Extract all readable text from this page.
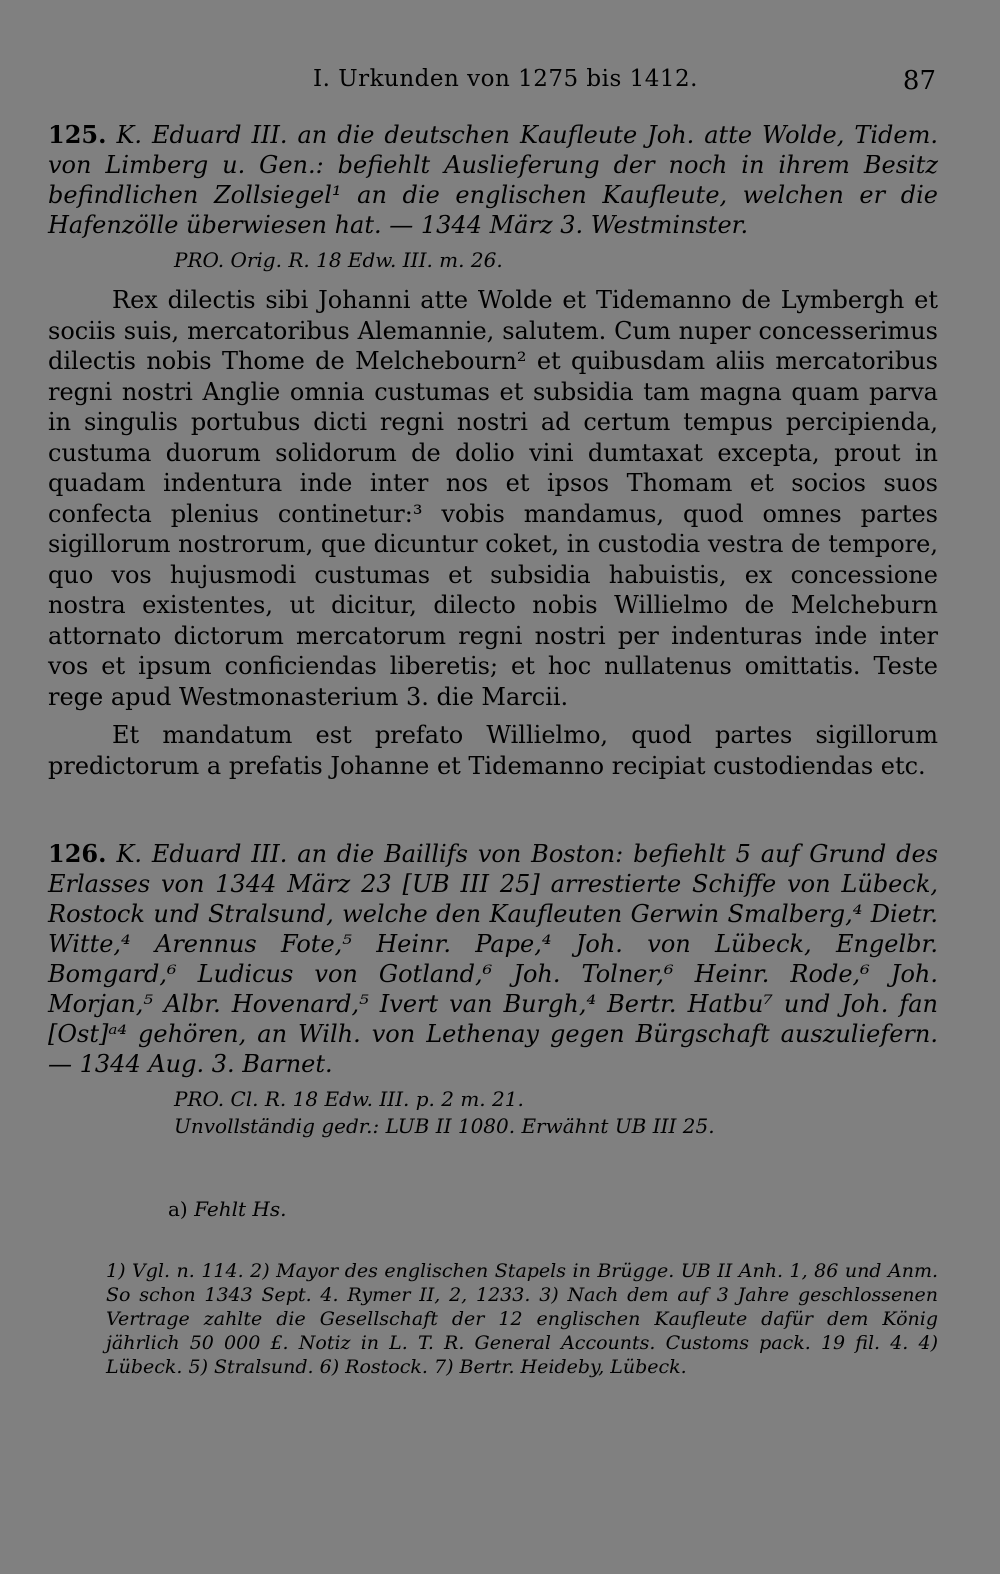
I. Urkunden von 1275 bis 1412.	87

125. K. Eduard III. an die deutschen Kaufleute Joh. atte Wolde, Tidem. von Limberg u. Gen.: befiehlt Auslieferung der noch in ihrem Besitz befindlichen Zollsiegel¹ an die englischen Kaufleute, welchen er die Hafenzölle überwiesen hat. — 1344 März 3. Westminster.

PRO. Orig. R. 18 Edw. III. m. 26.

Rex dilectis sibi Johanni atte Wolde et Tidemanno de Lymbergh et sociis suis, mercatoribus Alemannie, salutem. Cum nuper concesserimus dilectis nobis Thome de Melchebourn² et quibusdam aliis mercatoribus regni nostri Anglie omnia custumas et subsidia tam magna quam parva in singulis portubus dicti regni nostri ad certum tempus percipienda, custuma duorum solidorum de dolio vini dumtaxat excepta, prout in quadam indentura inde inter nos et ipsos Thomam et socios suos confecta plenius continetur:³ vobis mandamus, quod omnes partes sigillorum nostrorum, que dicuntur coket, in custodia vestra de tempore, quo vos hujusmodi custumas et subsidia habuistis, ex concessione nostra existentes, ut dicitur, dilecto nobis Willielmo de Melcheburn attornato dictorum mercatorum regni nostri per indenturas inde inter vos et ipsum conficiendas liberetis; et hoc nullatenus omittatis. Teste rege apud Westmonasterium 3. die Marcii.

Et mandatum est prefato Willielmo, quod partes sigillorum predictorum a prefatis Johanne et Tidemanno recipiat custodiendas etc.

126. K. Eduard III. an die Baillifs von Boston: befiehlt 5 auf Grund des Erlasses von 1344 März 23 [UB III 25] arrestierte Schiffe von Lübeck, Rostock und Stralsund, welche den Kaufleuten Gerwin Smalberg,⁴ Dietr. Witte,⁴ Arennus Fote,⁵ Heinr. Pape,⁴ Joh. von Lübeck, Engelbr. Bomgard,⁶ Ludicus von Gotland,⁶ Joh. Tolner,⁶ Heinr. Rode,⁶ Joh. Morjan,⁵ Albr. Hovenard,⁵ Ivert van Burgh,⁴ Bertr. Hatbu⁷ und Joh. fan [Ost]ᵃ⁴ gehören, an Wilh. von Lethenay gegen Bürgschaft auszuliefern. — 1344 Aug. 3. Barnet.

PRO. Cl. R. 18 Edw. III. p. 2 m. 21.
Unvollständig gedr.: LUB II 1080. Erwähnt UB III 25.
a) Fehlt Hs.
1) Vgl. n. 114. 2) Mayor des englischen Stapels in Brügge. UB II Anh. 1, 86 und Anm. So schon 1343 Sept. 4. Rymer II, 2, 1233. 3) Nach dem auf 3 Jahre geschlossenen Vertrage zahlte die Gesellschaft der 12 englischen Kaufleute dafür dem König jährlich 50 000 £. Notiz in L. T. R. General Accounts. Customs pack. 19 fil. 4. 4) Lübeck. 5) Stralsund. 6) Rostock. 7) Bertr. Heideby, Lübeck.
